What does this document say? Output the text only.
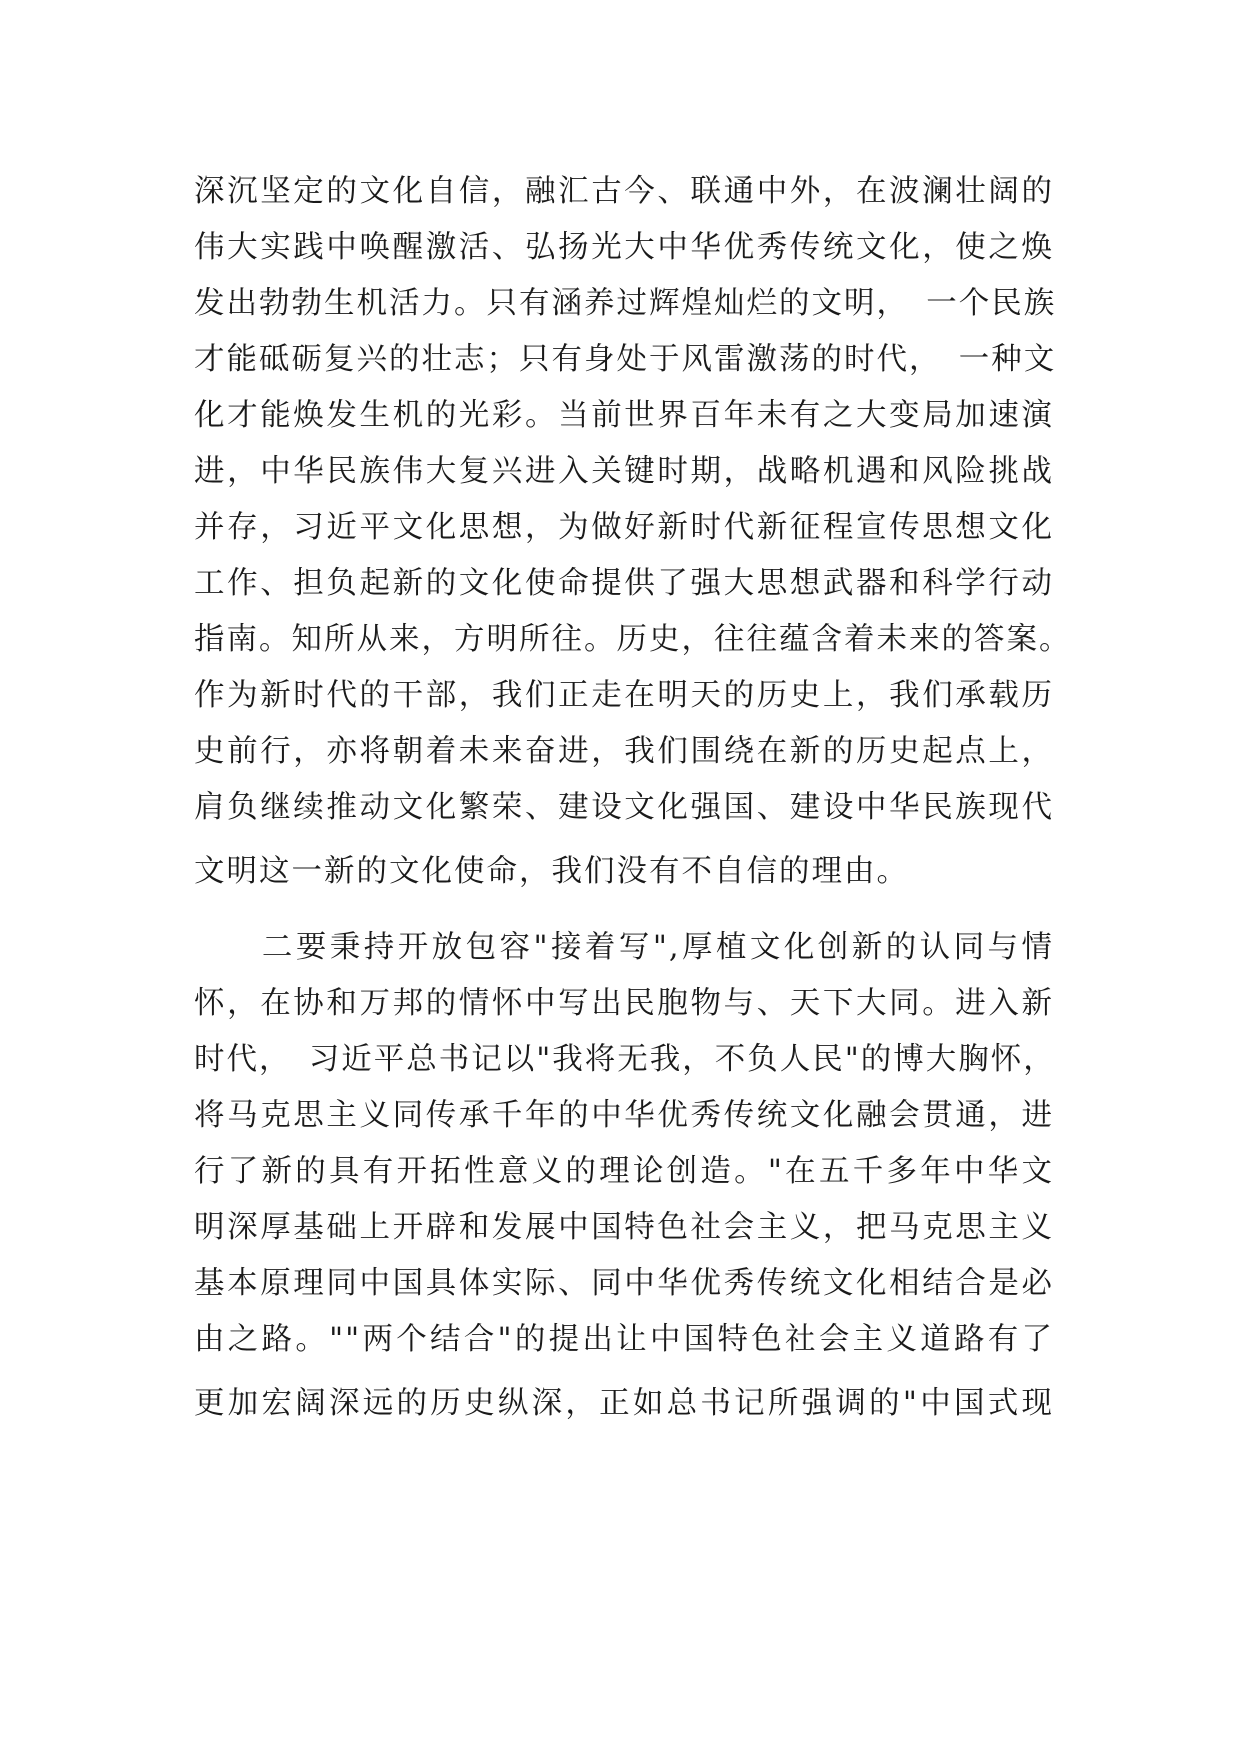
深沉坚定的文化自信，融汇古今、联通中外，在波澜壮阔的
伟大实践中唤醒激活、弘扬光大中华优秀传统文化，使之焕
发出勃勃生机活力。只有涵养过辉煌灿烂的文明，　一个民族
才能砥砺复兴的壮志；只有身处于风雷激荡的时代，　一种文
化才能焕发生机的光彩。当前世界百年未有之大变局加速演
进，中华民族伟大复兴进入关键时期，战略机遇和风险挑战
并存，习近平文化思想，为做好新时代新征程宣传思想文化
工作、担负起新的文化使命提供了强大思想武器和科学行动
指南。知所从来，方明所往。历史，往往蕴含着未来的答案。
作为新时代的干部，我们正走在明天的历史上，我们承载历
史前行，亦将朝着未来奋进，我们围绕在新的历史起点上，
肩负继续推动文化繁荣、建设文化强国、建设中华民族现代
文明这一新的文化使命，我们没有不自信的理由。
　　二要秉持开放包容"接着写",厚植文化创新的认同与情
怀，在协和万邦的情怀中写出民胞物与、天下大同。进入新
时代，　习近平总书记以"我将无我，不负人民"的博大胸怀，
将马克思主义同传承千年的中华优秀传统文化融会贯通，进
行了新的具有开拓性意义的理论创造。"在五千多年中华文
明深厚基础上开辟和发展中国特色社会主义，把马克思主义
基本原理同中国具体实际、同中华优秀传统文化相结合是必
由之路。""两个结合"的提出让中国特色社会主义道路有了
更加宏阔深远的历史纵深，正如总书记所强调的"中国式现
